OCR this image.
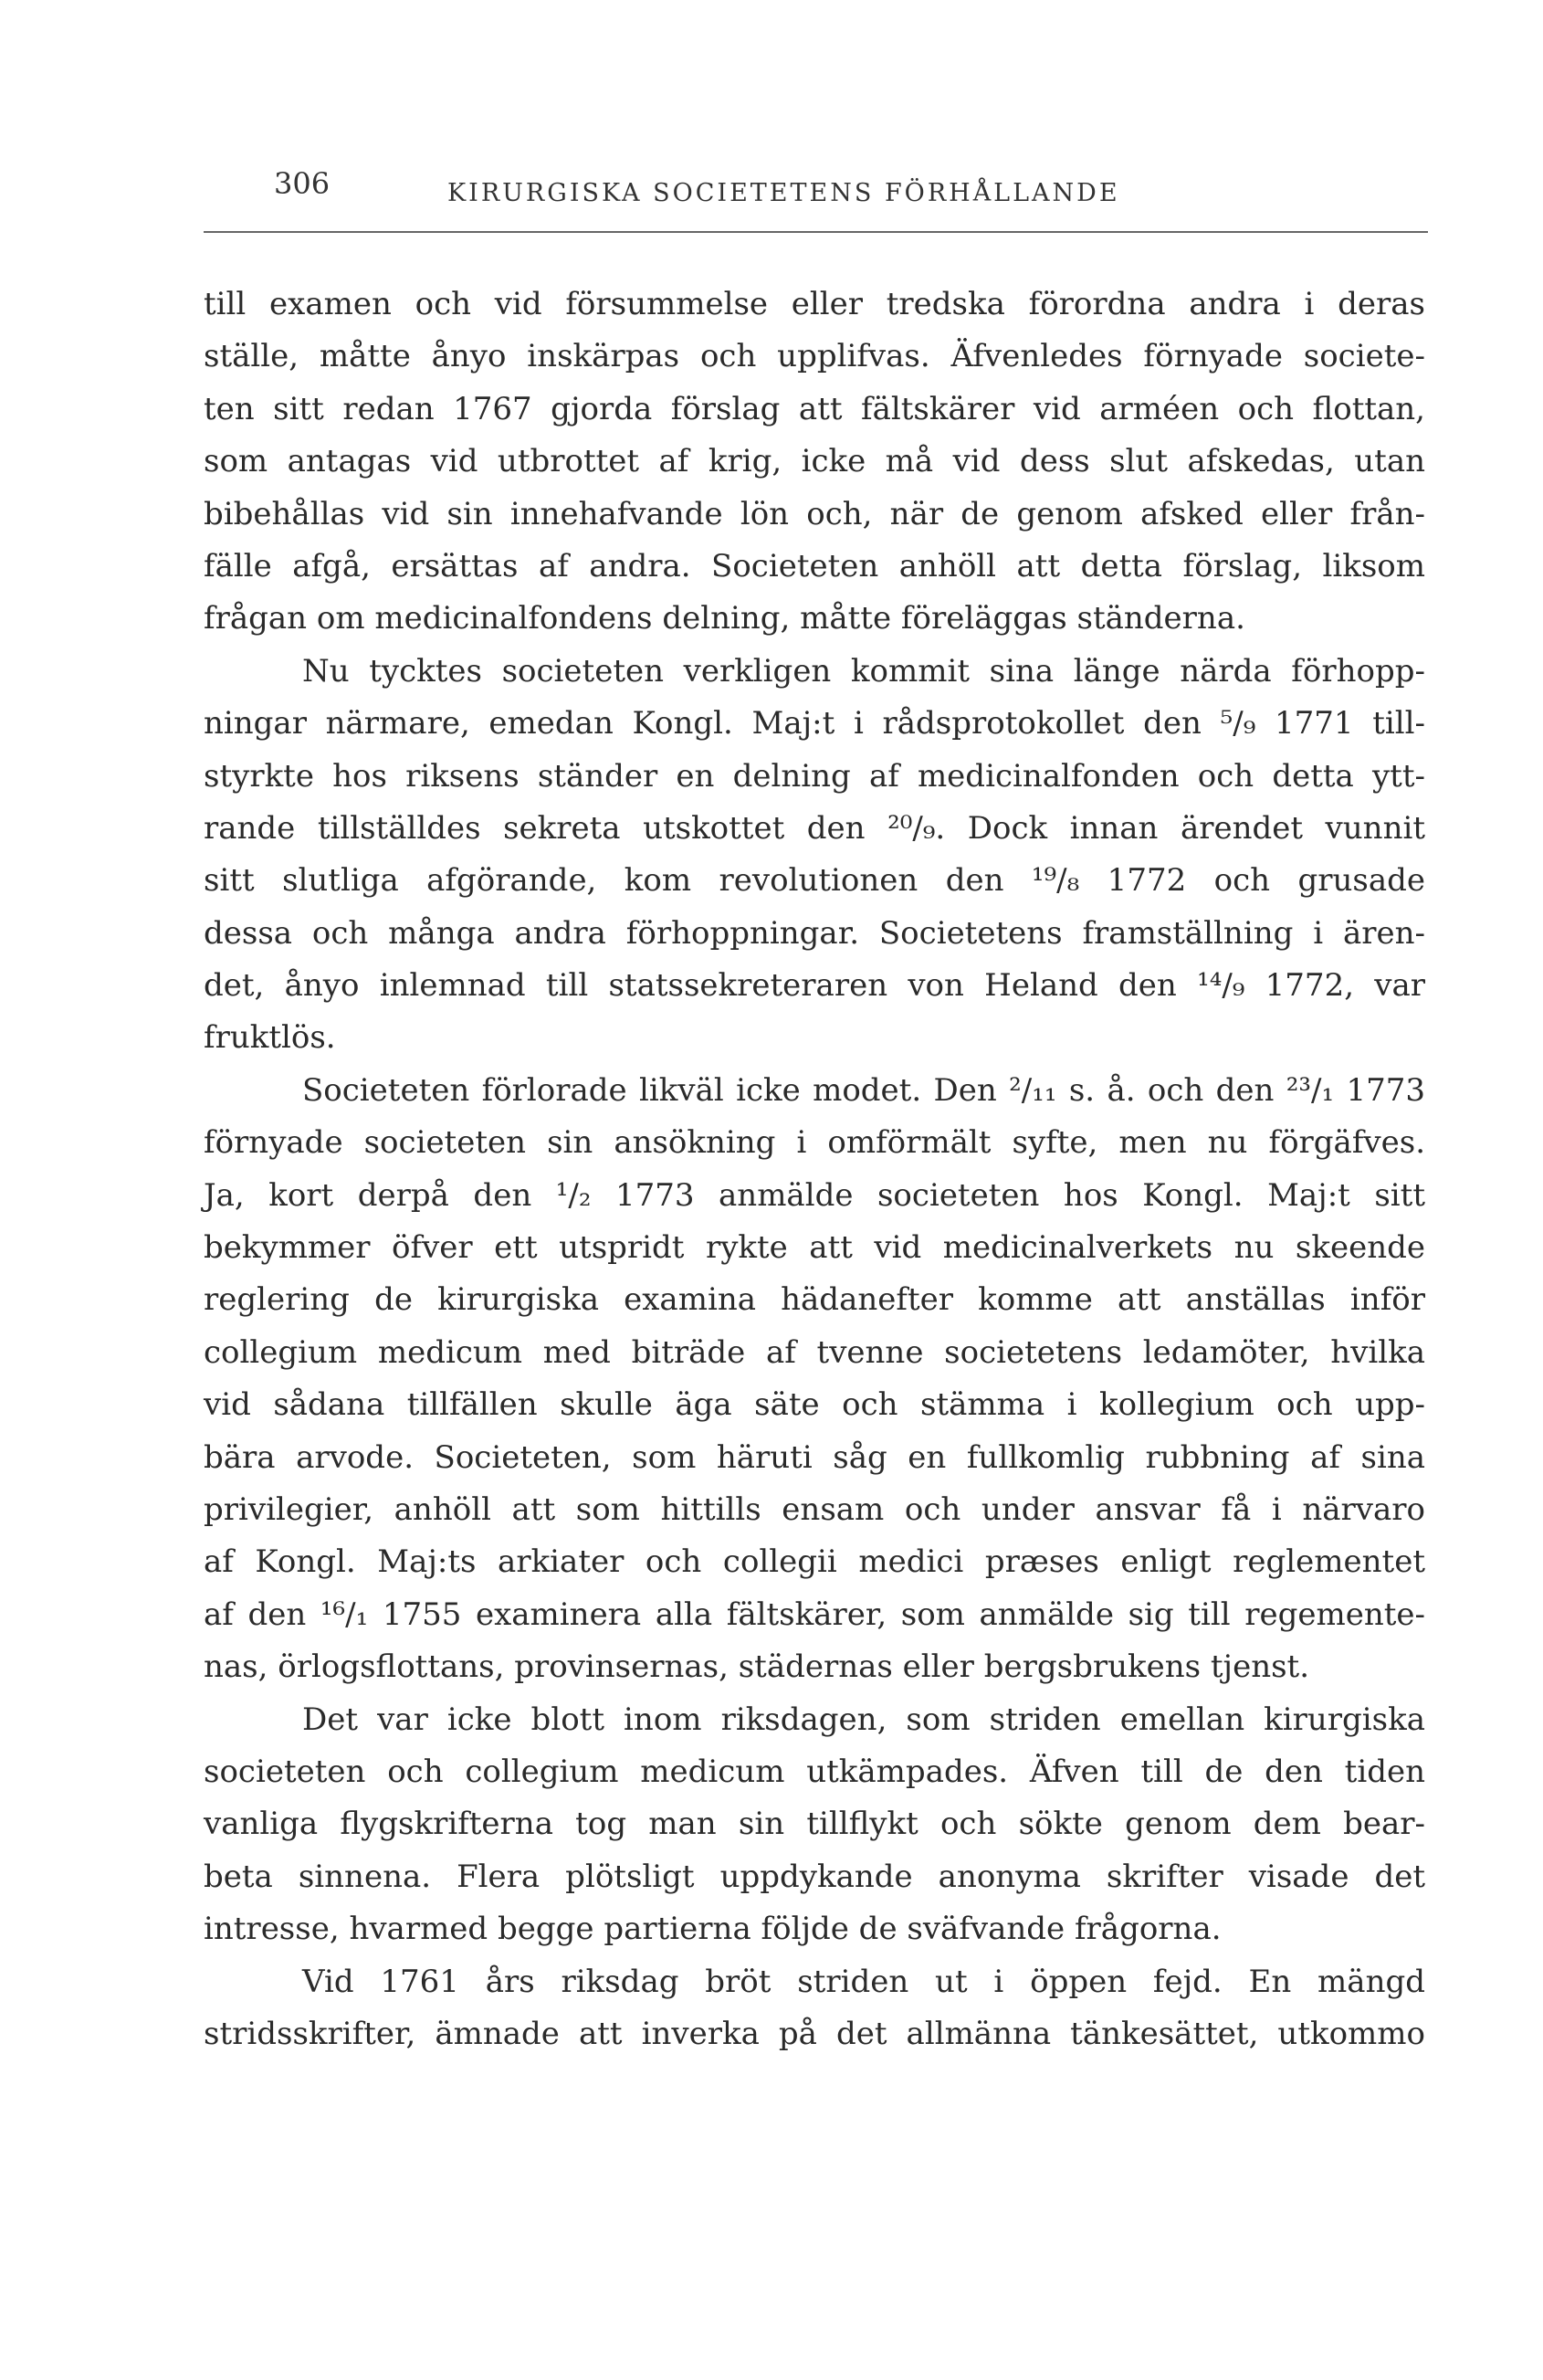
306	KIRURGISKA SOCIETETENS FÖRHÅLLANDE
till examen och vid försummelse eller tredska förordna andra i deras
ställe, måtte ånyo inskärpas och upplifvas. Äfvenledes förnyade societe-
ten sitt redan 1767 gjorda förslag att fältskärer vid arméen och flottan,
som antagas vid utbrottet af krig, icke må vid dess slut afskedas, utan
bibehållas vid sin innehafvande lön och, när de genom afsked eller från-
fälle afgå, ersättas af andra. Societeten anhöll att detta förslag, liksom
frågan om medicinalfondens delning, måtte föreläggas ständerna.
Nu tycktes societeten verkligen kommit sina länge närda förhopp-
ningar närmare, emedan Kongl. Maj:t i rådsprotokollet den ⁵/₉ 1771 till-
styrkte hos riksens ständer en delning af medicinalfonden och detta ytt-
rande tillställdes sekreta utskottet den ²⁰/₉. Dock innan ärendet vunnit
sitt slutliga afgörande, kom revolutionen den ¹⁹/₈ 1772 och grusade
dessa och många andra förhoppningar. Societetens framställning i ären-
det, ånyo inlemnad till statssekreteraren von Heland den ¹⁴/₉ 1772, var
fruktlös.
Societeten förlorade likväl icke modet. Den ²/₁₁ s. å. och den ²³/₁ 1773
förnyade societeten sin ansökning i omförmält syfte, men nu förgäfves.
Ja, kort derpå den ¹/₂ 1773 anmälde societeten hos Kongl. Maj:t sitt
bekymmer öfver ett utspridt rykte att vid medicinalverkets nu skeende
reglering de kirurgiska examina hädanefter komme att anställas inför
collegium medicum med biträde af tvenne societetens ledamöter, hvilka
vid sådana tillfällen skulle äga säte och stämma i kollegium och upp-
bära arvode. Societeten, som häruti såg en fullkomlig rubbning af sina
privilegier, anhöll att som hittills ensam och under ansvar få i närvaro
af Kongl. Maj:ts arkiater och collegii medici præses enligt reglementet
af den ¹⁶/₁ 1755 examinera alla fältskärer, som anmälde sig till regemente-
nas, örlogsflottans, provinsernas, städernas eller bergsbrukens tjenst.
Det var icke blott inom riksdagen, som striden emellan kirurgiska
societeten och collegium medicum utkämpades. Äfven till de den tiden
vanliga flygskrifterna tog man sin tillflykt och sökte genom dem bear-
beta sinnena. Flera plötsligt uppdykande anonyma skrifter visade det
intresse, hvarmed begge partierna följde de sväfvande frågorna.
Vid 1761 års riksdag bröt striden ut i öppen fejd. En mängd
stridsskrifter, ämnade att inverka på det allmänna tänkesättet, utkommo
